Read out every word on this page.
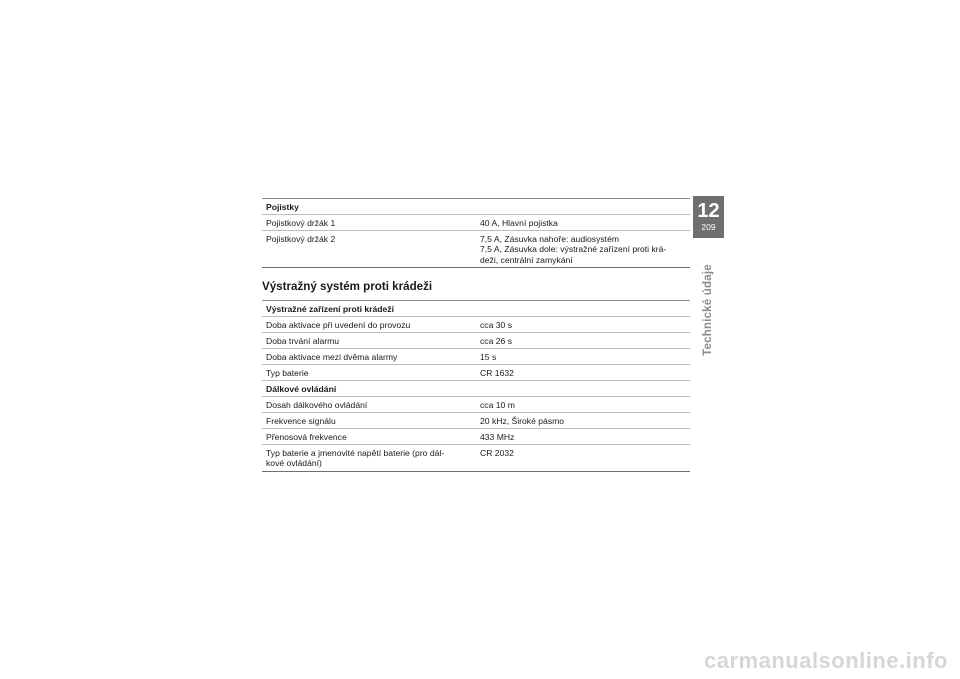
Pojistky	
Pojistkový držák 1	40 A, Hlavní pojistka
Pojistkový držák 2	7,5 A, Zásuvka nahoře: audiosystém
7,5 A, Zásuvka dole: výstražné zařízení proti krá-
deži, centrální zamykání
Výstražný systém proti krádeži
Výstražné zařízení proti krádeži	
Doba aktivace při uvedení do provozu	cca 30 s
Doba trvání alarmu	cca 26 s
Doba aktivace mezi dvěma alarmy	15 s
Typ baterie	CR 1632
Dálkové ovládání	
Dosah dálkového ovládání	cca 10 m
Frekvence signálu	20 kHz, Široké pásmo
Přenosová frekvence	433 MHz
Typ baterie a jmenovité napětí baterie (pro dál-
kové ovládání)	CR 2032
12
209
Technické údaje
carmanualsonline.info
